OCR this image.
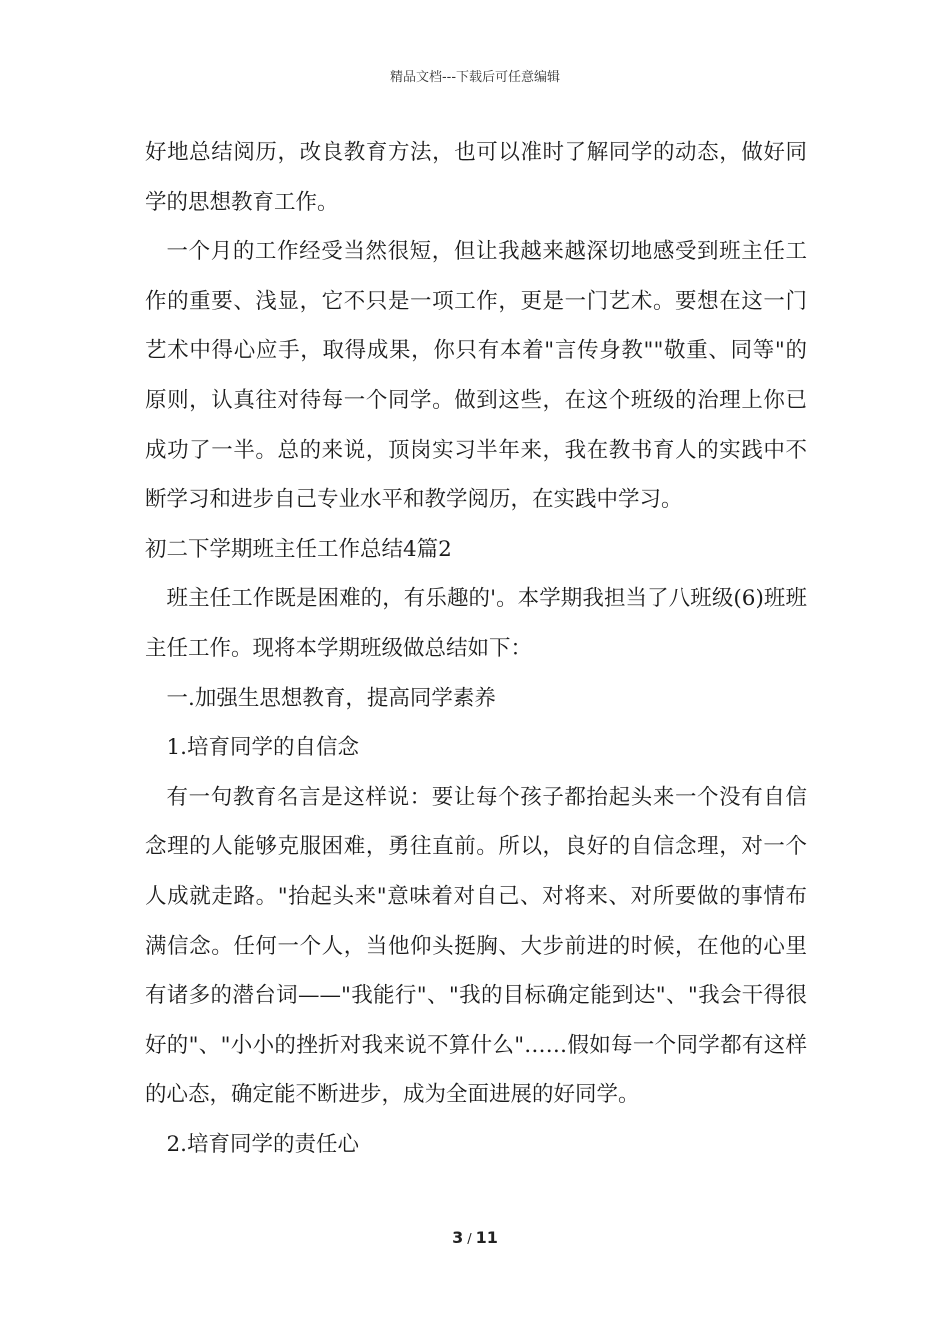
精品文档---下载后可任意编辑

好地总结阅历，改良教育方法，也可以准时了解同学的动态，做好同学的思想教育工作。

一个月的工作经受当然很短，但让我越来越深切地感受到班主任工作的重要、浅显，它不只是一项工作，更是一门艺术。要想在这一门艺术中得心应手，取得成果，你只有本着"言传身教""敬重、同等"的原则，认真往对待每一个同学。做到这些，在这个班级的治理上你已成功了一半。总的来说，顶岗实习半年来，我在教书育人的实践中不断学习和进步自己专业水平和教学阅历，在实践中学习。

初二下学期班主任工作总结4篇2

班主任工作既是困难的，有乐趣的'。本学期我担当了八班级(6)班班主任工作。现将本学期班级做总结如下：

一.加强生思想教育，提高同学素养

1.培育同学的自信念

有一句教育名言是这样说：要让每个孩子都抬起头来一个没有自信念理的人能够克服困难，勇往直前。所以，良好的自信念理，对一个人成就走路。"抬起头来"意味着对自己、对将来、对所要做的事情布满信念。任何一个人，当他仰头挺胸、大步前进的时候，在他的心里有诸多的潜台词——"我能行"、"我的目标确定能到达"、"我会干得很好的"、"小小的挫折对我来说不算什么"……假如每一个同学都有这样的心态，确定能不断进步，成为全面进展的好同学。

2.培育同学的责任心

3 / 11
